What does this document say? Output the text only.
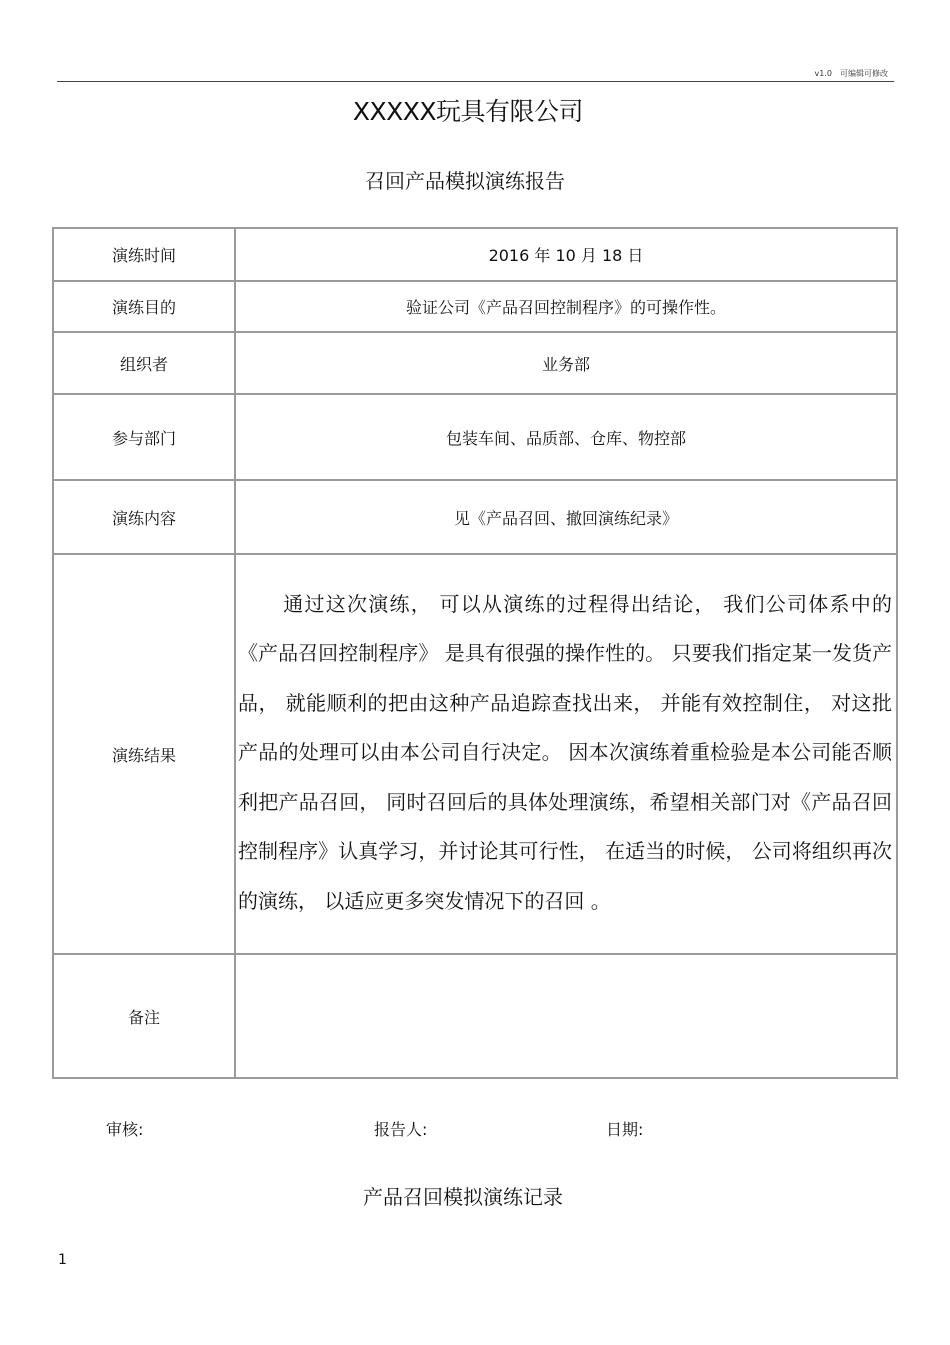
v1.0　可编辑可修改
XXXXX玩具有限公司
召回产品模拟演练报告
演练时间	2016 年 10 月 18 日
演练目的	验证公司《产品召回控制程序》的可操作性。
组织者	业务部
参与部门	包装车间、品质部、仓库、物控部
演练内容	见《产品召回、撤回演练纪录》
演练结果	通过这次演练， 可以从演练的过程得出结论， 我们公司体系中的《产品召回控制程序》 是具有很强的操作性的。 只要我们指定某一发货产品， 就能顺利的把由这种产品追踪查找出来， 并能有效控制住， 对这批产品的处理可以由本公司自行决定。 因本次演练着重检验是本公司能否顺利把产品召回， 同时召回后的具体处理演练，希望相关部门对《产品召回控制程序》认真学习，并讨论其可行性， 在适当的时候， 公司将组织再次的演练， 以适应更多突发情况下的召回 。

备注	
审核:	报告人:	日期:
产品召回模拟演练记录
1
